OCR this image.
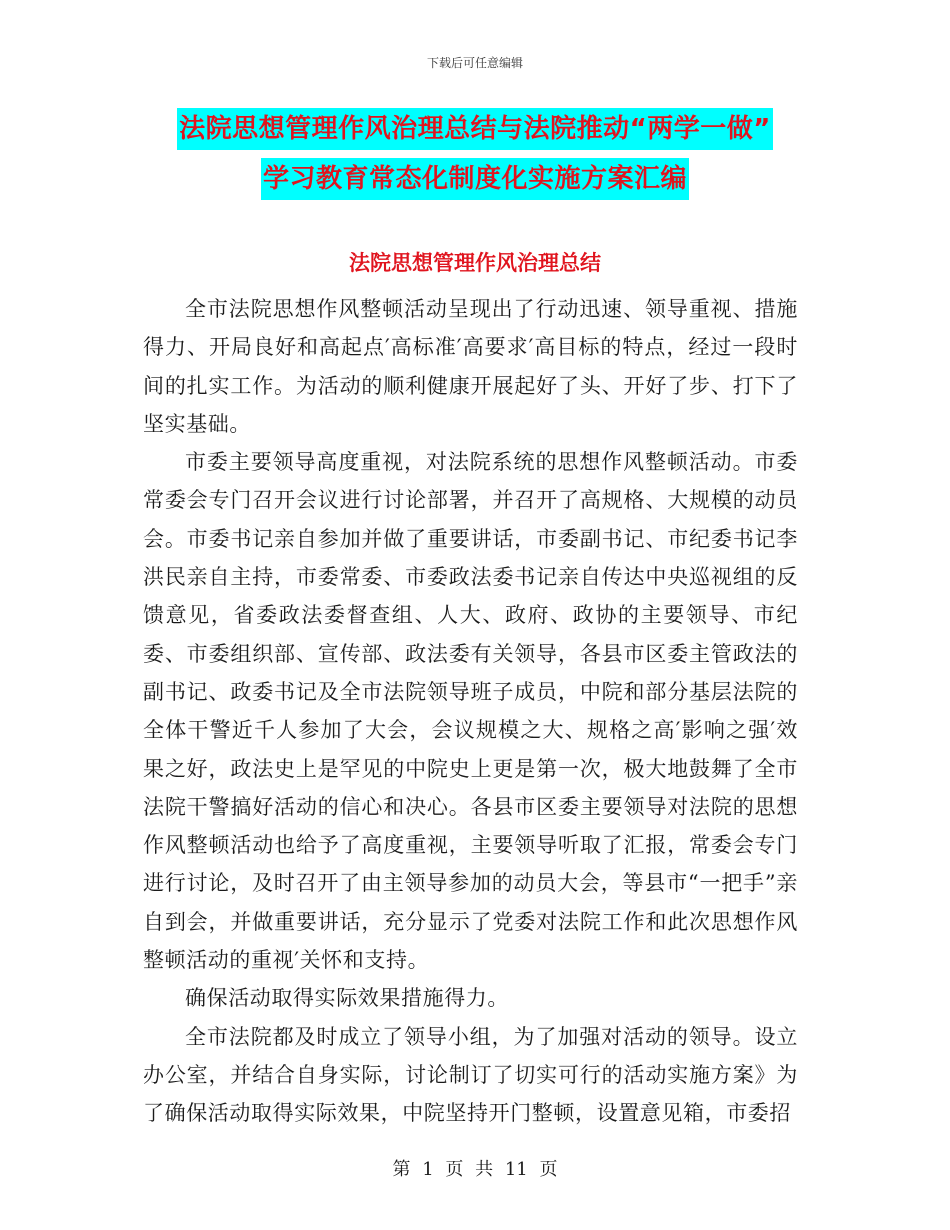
下载后可任意编辑
法院思想管理作风治理总结与法院推动“两学一做”
学习教育常态化制度化实施方案汇编
法院思想管理作风治理总结

全市法院思想作风整顿活动呈现出了行动迅速、领导重视、措施得力、开局良好和高起点′高标准′高要求′高目标的特点，经过一段时间的扎实工作。为活动的顺利健康开展起好了头、开好了步、打下了坚实基础。

市委主要领导高度重视，对法院系统的思想作风整顿活动。市委常委会专门召开会议进行讨论部署，并召开了高规格、大规模的动员会。市委书记亲自参加并做了重要讲话，市委副书记、市纪委书记李洪民亲自主持，市委常委、市委政法委书记亲自传达中央巡视组的反馈意见，省委政法委督查组、人大、政府、政协的主要领导、市纪委、市委组织部、宣传部、政法委有关领导，各县市区委主管政法的副书记、政委书记及全市法院领导班子成员，中院和部分基层法院的全体干警近千人参加了大会，会议规模之大、规格之高′影响之强′效果之好，政法史上是罕见的中院史上更是第一次，极大地鼓舞了全市法院干警搞好活动的信心和决心。各县市区委主要领导对法院的思想作风整顿活动也给予了高度重视，主要领导听取了汇报，常委会专门进行讨论，及时召开了由主领导参加的动员大会，等县市“一把手”亲自到会，并做重要讲话，充分显示了党委对法院工作和此次思想作风整顿活动的重视′关怀和支持。

确保活动取得实际效果措施得力。

全市法院都及时成立了领导小组，为了加强对活动的领导。设立办公室，并结合自身实际，讨论制订了切实可行的活动实施方案》为了确保活动取得实际效果，中院坚持开门整顿，设置意见箱，市委招

第 1 页 共 11 页
